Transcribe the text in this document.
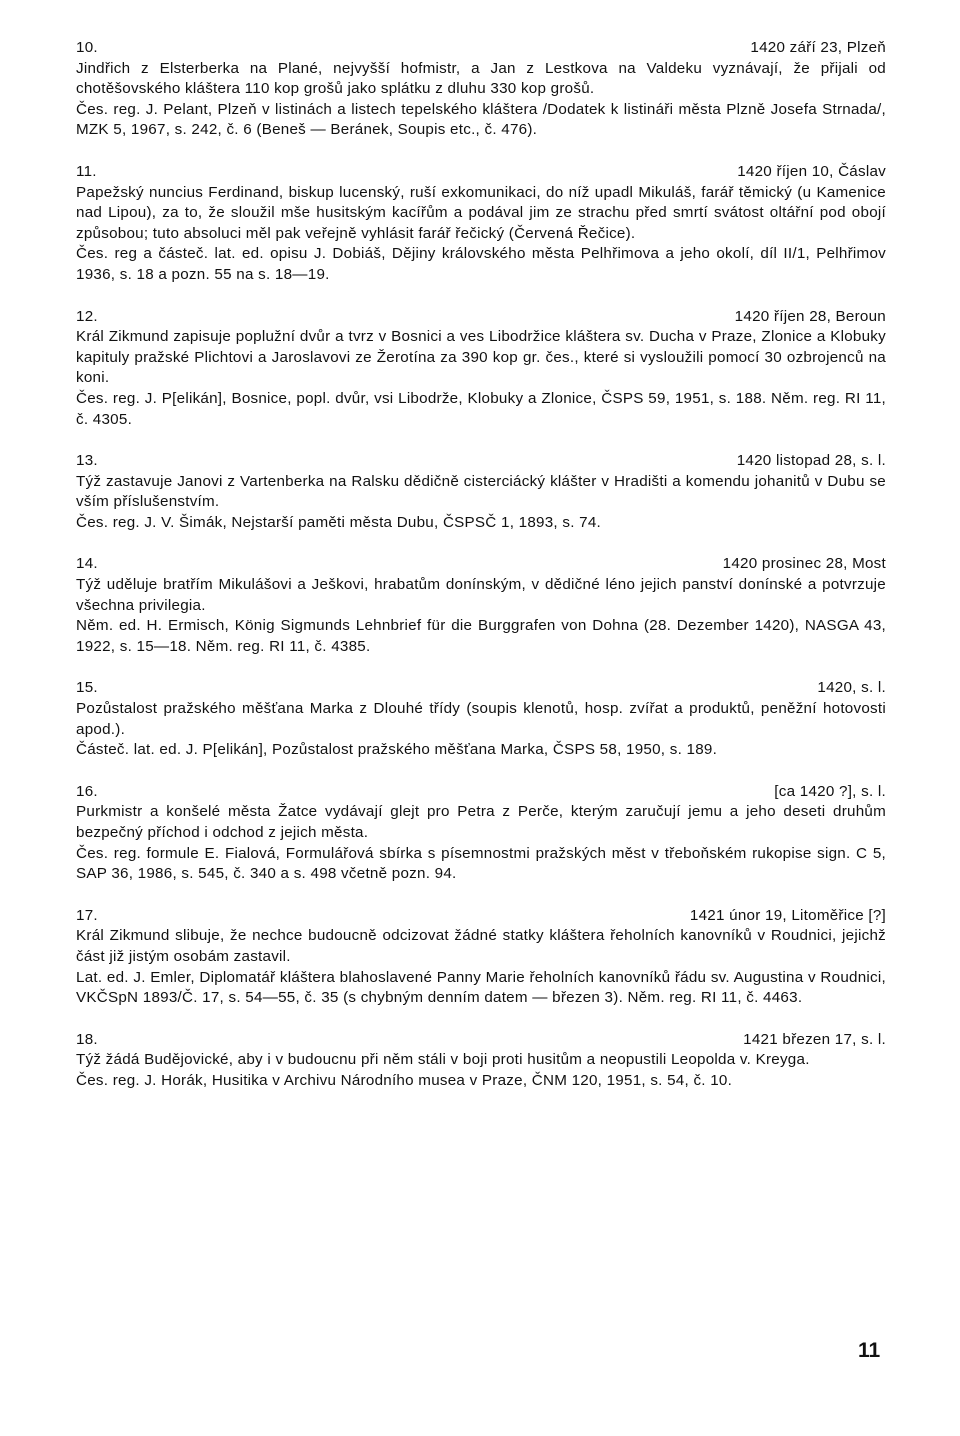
10.	1420 září 23, Plzeň
Jindřich z Elsterberka na Plané, nejvyšší hofmistr, a Jan z Lestkova na Valdeku vyznávají, že přijali od chotěšovského kláštera 110 kop grošů jako splátku z dluhu 330 kop grošů.
Čes. reg. J. Pelant, Plzeň v listinách a listech tepelského kláštera /Dodatek k listináři města Plzně Josefa Strnada/, MZK 5, 1967, s. 242, č. 6 (Beneš — Beránek, Soupis etc., č. 476).
11.	1420 říjen 10, Čáslav
Papežský nuncius Ferdinand, biskup lucenský, ruší exkomunikaci, do níž upadl Mikuláš, farář těmický (u Kamenice nad Lipou), za to, že sloužil mše husitským kacířům a podával jim ze strachu před smrtí svátost oltářní pod obojí způsobou; tuto absoluci měl pak veřejně vyhlásit farář řečický (Červená Řečice).
Čes. reg a částeč. lat. ed. opisu J. Dobiáš, Dějiny královského města Pelhřimova a jeho okolí, díl II/1, Pelhřimov 1936, s. 18 a pozn. 55 na s. 18—19.
12.	1420 říjen 28, Beroun
Král Zikmund zapisuje poplužní dvůr a tvrz v Bosnici a ves Libodržice kláštera sv. Ducha v Praze, Zlonice a Klobuky kapituly pražské Plichtovi a Jaroslavovi ze Žerotína za 390 kop gr. čes., které si vysloužili pomocí 30 ozbrojenců na koni.
Čes. reg. J. P[elikán], Bosnice, popl. dvůr, vsi Libodrže, Klobuky a Zlonice, ČSPS 59, 1951, s. 188. Něm. reg. RI 11, č. 4305.
13.	1420 listopad 28, s. l.
Týž zastavuje Janovi z Vartenberka na Ralsku dědičně cisterciácký klášter v Hradišti a komendu johanitů v Dubu se vším příslušenstvím.
Čes. reg. J. V. Šimák, Nejstarší paměti města Dubu, ČSPSČ 1, 1893, s. 74.
14.	1420 prosinec 28, Most
Týž uděluje bratřím Mikulášovi a Ješkovi, hrabatům donínským, v dědičné léno jejich panství donínské a potvrzuje všechna privilegia.
Něm. ed. H. Ermisch, König Sigmunds Lehnbrief für die Burggrafen von Dohna (28. Dezember 1420), NASGA 43, 1922, s. 15—18. Něm. reg. RI 11, č. 4385.
15.	1420, s. l.
Pozůstalost pražského měšťana Marka z Dlouhé třídy (soupis klenotů, hosp. zvířat a produktů, peněžní hotovosti apod.).
Částeč. lat. ed. J. P[elikán], Pozůstalost pražského měšťana Marka, ČSPS 58, 1950, s. 189.
16.	[ca 1420 ?], s. l.
Purkmistr a konšelé města Žatce vydávají glejt pro Petra z Perče, kterým zaručují jemu a jeho deseti druhům bezpečný příchod i odchod z jejich města.
Čes. reg. formule E. Fialová, Formulářová sbírka s písemnostmi pražských měst v třeboňském rukopise sign. C 5, SAP 36, 1986, s. 545, č. 340 a s. 498 včetně pozn. 94.
17.	1421 únor 19, Litoměřice [?]
Král Zikmund slibuje, že nechce budoucně odcizovat žádné statky kláštera řeholních kanovníků v Roudnici, jejichž část již jistým osobám zastavil.
Lat. ed. J. Emler, Diplomatář kláštera blahoslavené Panny Marie řeholních kanovníků řádu sv. Augustina v Roudnici, VKČSpN 1893/Č. 17, s. 54—55, č. 35 (s chybným denním datem — březen 3). Něm. reg. RI 11, č. 4463.
18.	1421 březen 17, s. l.
Týž žádá Budějovické, aby i v budoucnu při něm stáli v boji proti husitům a neopustili Leopolda v. Kreyga.
Čes. reg. J. Horák, Husitika v Archivu Národního musea v Praze, ČNM 120, 1951, s. 54, č. 10.
11
